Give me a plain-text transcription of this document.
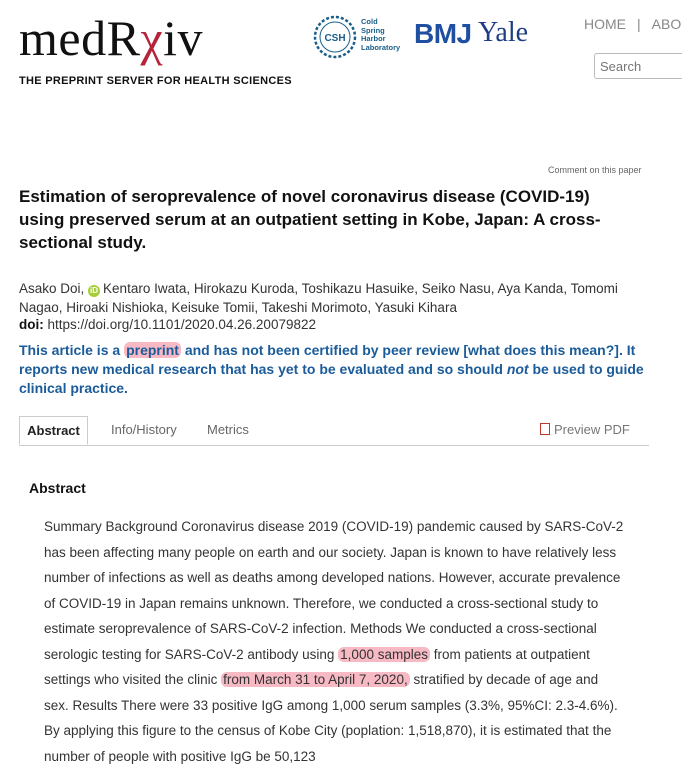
medRχiv
THE PREPRINT SERVER FOR HEALTH SCIENCES
CSH
Cold
Spring
Harbor
Laboratory BMJ Yale	HOME | ABO
Search
Comment on this paper
Estimation of seroprevalence of novel coronavirus disease (COVID-19) using preserved serum at an outpatient setting in Kobe, Japan: A cross-sectional study.
Asako Doi, iD Kentaro Iwata, Hirokazu Kuroda, Toshikazu Hasuike, Seiko Nasu, Aya Kanda, Tomomi Nagao, Hiroaki Nishioka, Keisuke Tomii, Takeshi Morimoto, Yasuki Kihara
doi: https://doi.org/10.1101/2020.04.26.20079822
This article is a preprint and has not been certified by peer review [what does this mean?]. It reports new medical research that has yet to be evaluated and so should not be used to guide clinical practice.
Abstract	Info/History Metrics	Preview PDF
Abstract
Summary Background Coronavirus disease 2019 (COVID-19) pandemic caused by SARS-CoV-2 has been affecting many people on earth and our society. Japan is known to have relatively less number of infections as well as deaths among developed nations. However, accurate prevalence of COVID-19 in Japan remains unknown. Therefore, we conducted a cross-sectional study to estimate seroprevalence of SARS-CoV-2 infection. Methods We conducted a cross-sectional serologic testing for SARS-CoV-2 antibody using 1,000 samples from patients at outpatient settings who visited the clinic from March 31 to April 7, 2020, stratified by decade of age and sex. Results There were 33 positive IgG among 1,000 serum samples (3.3%, 95%CI: 2.3-4.6%). By applying this figure to the census of Kobe City (poplation: 1,518,870), it is estimated that the number of people with positive IgG be 50,123
